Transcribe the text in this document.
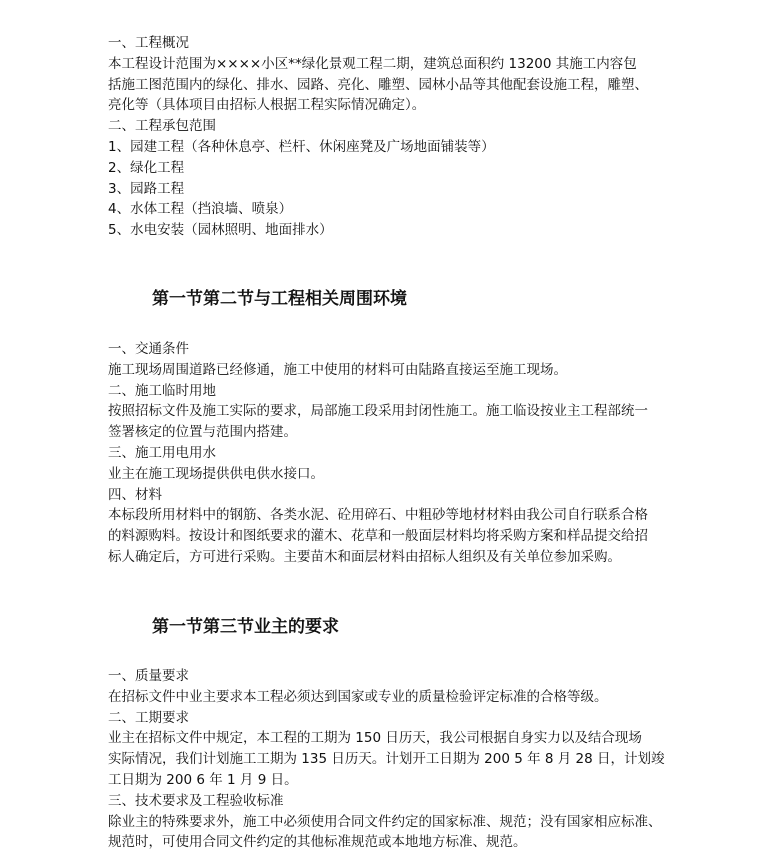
一、工程概况
本工程设计范围为××××小区**绿化景观工程二期，建筑总面积约 13200 其施工内容包
括施工图范围内的绿化、排水、园路、亮化、雕塑、园林小品等其他配套设施工程，雕塑、
亮化等（具体项目由招标人根据工程实际情况确定）。
二、工程承包范围
1、园建工程（各种休息亭、栏杆、休闲座凳及广场地面铺装等）
2、绿化工程
3、园路工程
4、水体工程（挡浪墙、喷泉）
5、水电安装（园林照明、地面排水）
第一节第二节与工程相关周围环境
一、交通条件
施工现场周围道路已经修通，施工中使用的材料可由陆路直接运至施工现场。
二、施工临时用地
按照招标文件及施工实际的要求，局部施工段采用封闭性施工。施工临设按业主工程部统一
签署核定的位置与范围内搭建。
三、施工用电用水
业主在施工现场提供供电供水接口。
四、材料
本标段所用材料中的钢筋、各类水泥、砼用碎石、中粗砂等地材材料由我公司自行联系合格
的料源购料。按设计和图纸要求的灌木、花草和一般面层材料均将采购方案和样品提交给招
标人确定后，方可进行采购。主要苗木和面层材料由招标人组织及有关单位参加采购。
第一节第三节业主的要求
一、质量要求
在招标文件中业主要求本工程必须达到国家或专业的质量检验评定标准的合格等级。
二、工期要求
业主在招标文件中规定，本工程的工期为 150 日历天，我公司根据自身实力以及结合现场
实际情况，我们计划施工工期为 135 日历天。计划开工日期为 200 5 年 8 月 28 日，计划竣
工日期为 200 6 年 1 月 9 日。
三、技术要求及工程验收标准
除业主的特殊要求外，施工中必须使用合同文件约定的国家标准、规范；没有国家相应标准、
规范时，可使用合同文件约定的其他标准规范或本地地方标准、规范。
